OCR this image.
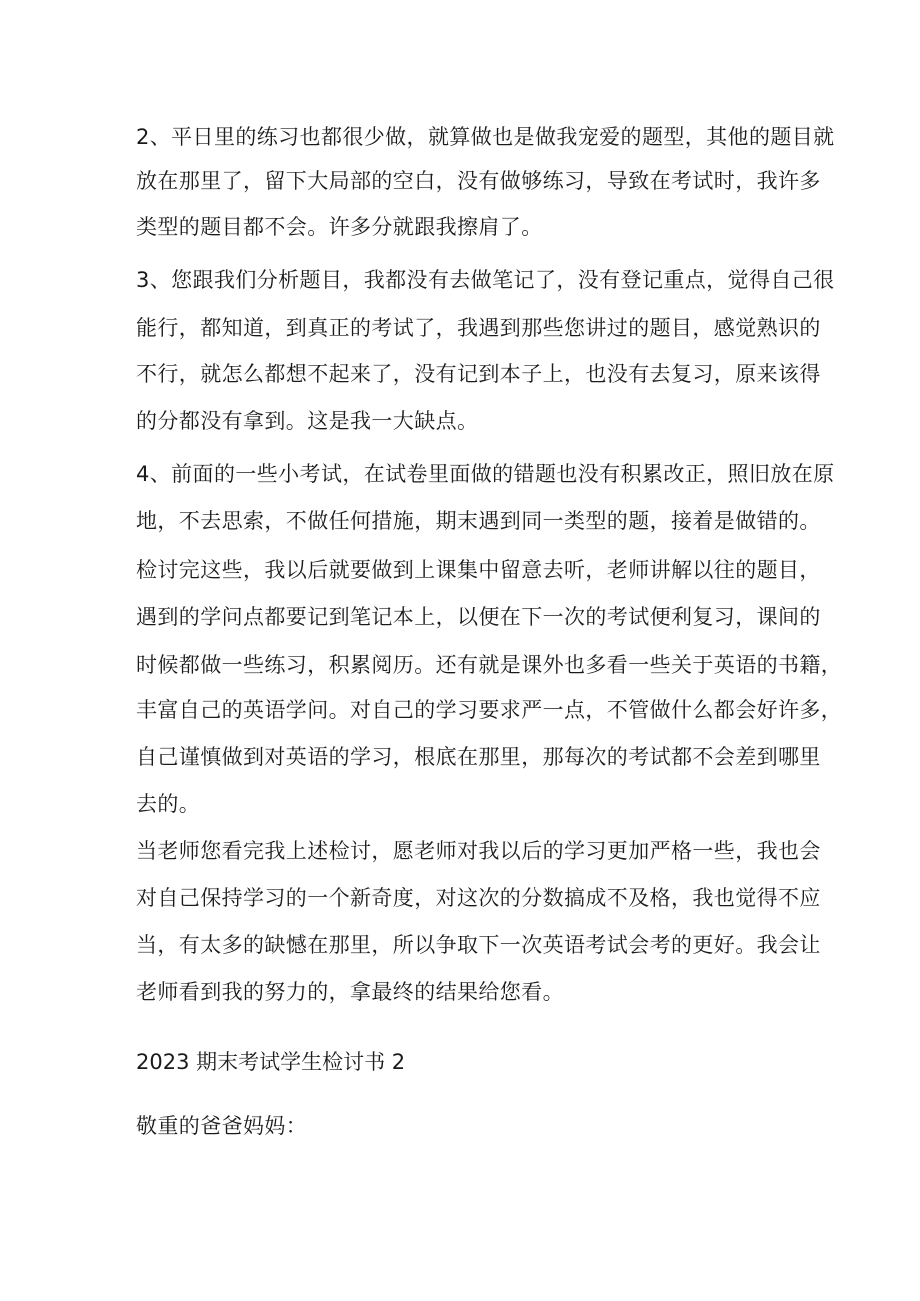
2、平日里的练习也都很少做，就算做也是做我宠爱的题型，其他的题目就

放在那里了，留下大局部的空白，没有做够练习，导致在考试时，我许多

类型的题目都不会。许多分就跟我擦肩了。

3、您跟我们分析题目，我都没有去做笔记了，没有登记重点，觉得自己很

能行，都知道，到真正的考试了，我遇到那些您讲过的题目，感觉熟识的

不行，就怎么都想不起来了，没有记到本子上，也没有去复习，原来该得

的分都没有拿到。这是我一大缺点。

4、前面的一些小考试，在试卷里面做的错题也没有积累改正，照旧放在原

地，不去思索，不做任何措施，期末遇到同一类型的题，接着是做错的。

检讨完这些，我以后就要做到上课集中留意去听，老师讲解以往的题目，

遇到的学问点都要记到笔记本上，以便在下一次的考试便利复习，课间的

时候都做一些练习，积累阅历。还有就是课外也多看一些关于英语的书籍，

丰富自己的英语学问。对自己的学习要求严一点，不管做什么都会好许多，

自己谨慎做到对英语的学习，根底在那里，那每次的考试都不会差到哪里

去的。

当老师您看完我上述检讨，愿老师对我以后的学习更加严格一些，我也会

对自己保持学习的一个新奇度，对这次的分数搞成不及格，我也觉得不应

当，有太多的缺憾在那里，所以争取下一次英语考试会考的更好。我会让

老师看到我的努力的，拿最终的结果给您看。

2023 期末考试学生检讨书 2

敬重的爸爸妈妈：
